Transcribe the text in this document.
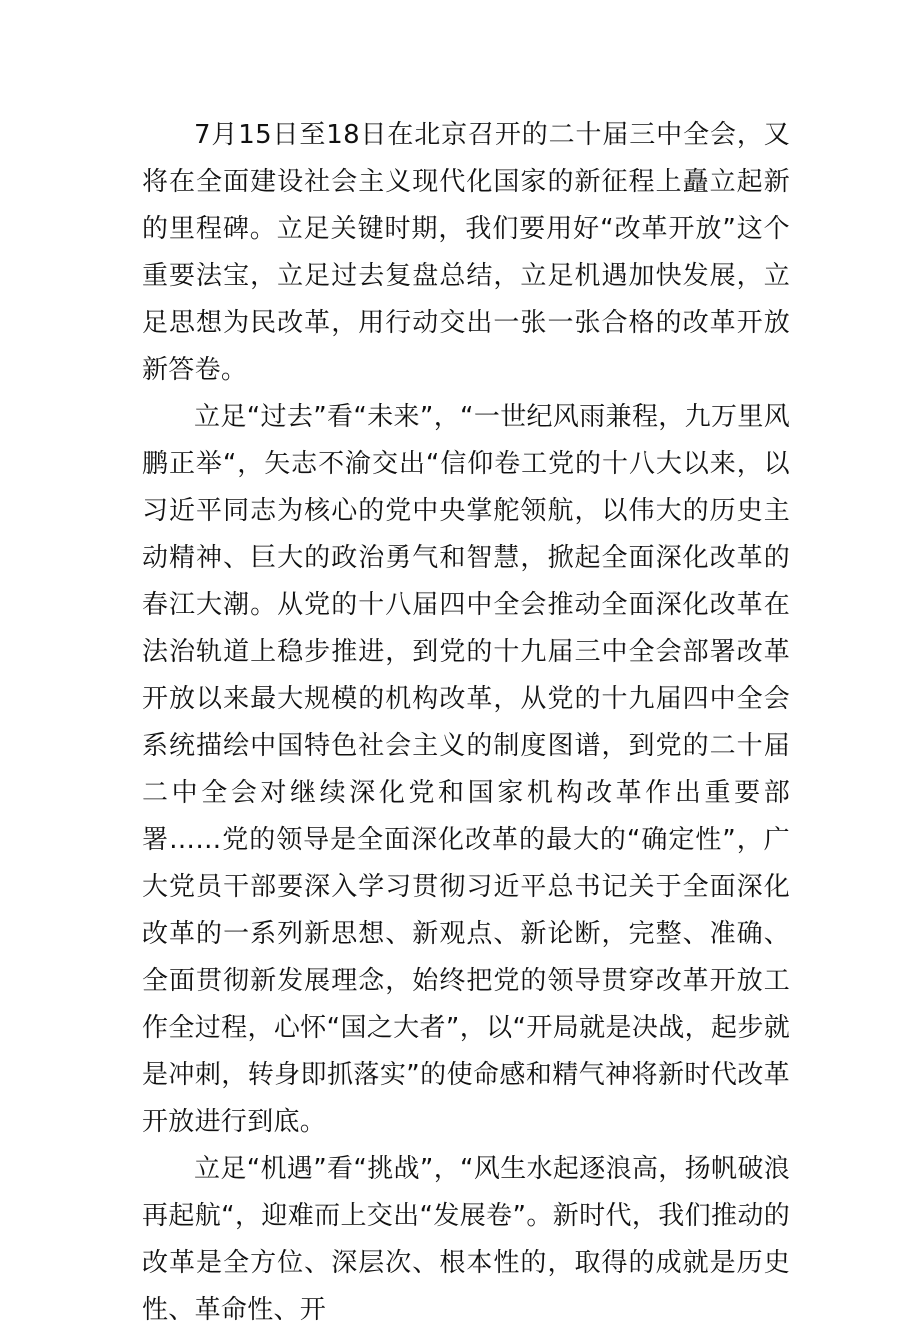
7月15日至18日在北京召开的二十届三中全会，又将在全面建设社会主义现代化国家的新征程上矗立起新的里程碑。立足关键时期，我们要用好“改革开放”这个重要法宝，立足过去复盘总结，立足机遇加快发展，立足思想为民改革，用行动交出一张一张合格的改革开放新答卷。

立足“过去”看“未来”，“一世纪风雨兼程，九万里风鹏正举“，矢志不渝交出“信仰卷工党的十八大以来，以习近平同志为核心的党中央掌舵领航，以伟大的历史主动精神、巨大的政治勇气和智慧，掀起全面深化改革的春江大潮。从党的十八届四中全会推动全面深化改革在法治轨道上稳步推进，到党的十九届三中全会部署改革开放以来最大规模的机构改革，从党的十九届四中全会系统描绘中国特色社会主义的制度图谱，到党的二十届二中全会对继续深化党和国家机构改革作出重要部署……党的领导是全面深化改革的最大的“确定性”，广大党员干部要深入学习贯彻习近平总书记关于全面深化改革的一系列新思想、新观点、新论断，完整、准确、全面贯彻新发展理念，始终把党的领导贯穿改革开放工作全过程，心怀“国之大者”，以“开局就是决战，起步就是冲刺，转身即抓落实”的使命感和精气神将新时代改革开放进行到底。

立足“机遇”看“挑战”，“风生水起逐浪高，扬帆破浪再起航“，迎难而上交出“发展卷”。新时代，我们推动的改革是全方位、深层次、根本性的，取得的成就是历史性、革命性、开
